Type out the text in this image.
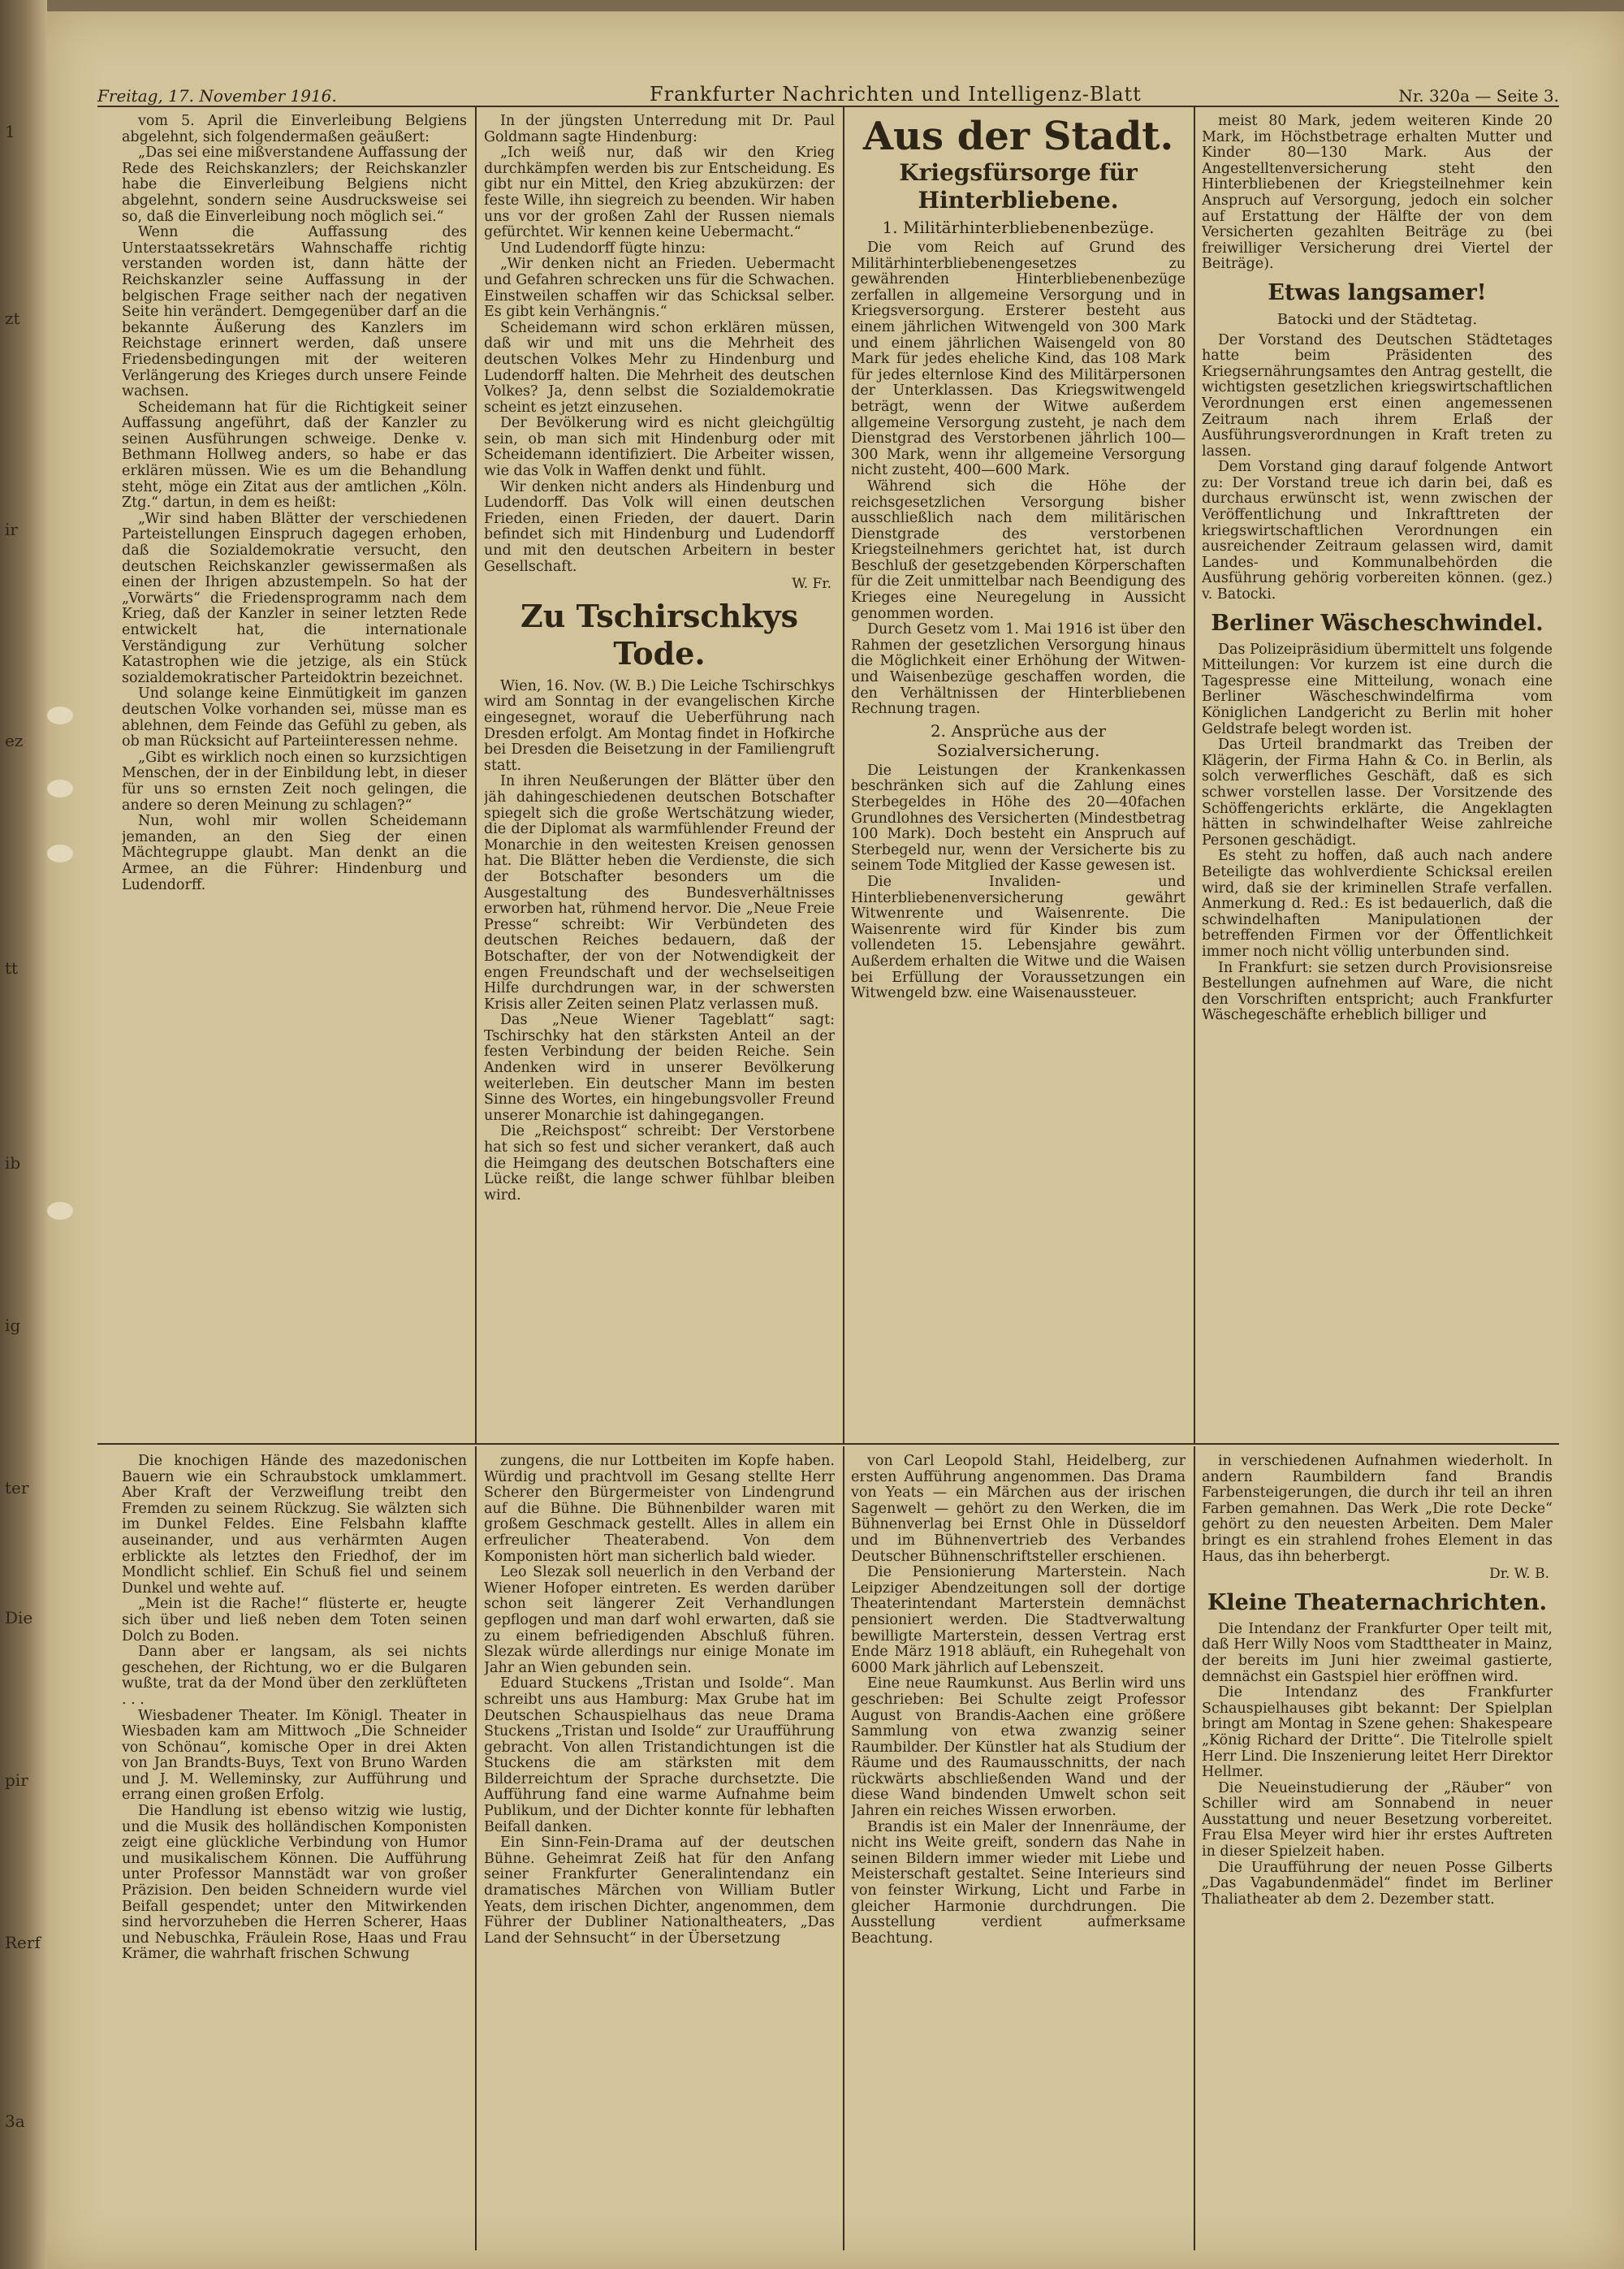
1
zt
ir
ez
tt
ib
ig
ter
Die
pir
Rerf
3a
Freitag, 17. November 1916.	Frankfurter Nachrichten und Intelligenz-Blatt	Nr. 320a — Seite 3.

vom 5. April die Einverleibung Belgiens abgelehnt, sich folgendermaßen geäußert:

„Das sei eine mißverstandene Auffassung der Rede des Reichskanzlers; der Reichskanzler habe die Einverleibung Belgiens nicht abgelehnt, sondern seine Ausdrucksweise sei so, daß die Einverleibung noch möglich sei.“

Wenn die Auffassung des Unterstaatssekretärs Wahnschaffe richtig verstanden worden ist, dann hätte der Reichskanzler seine Auffassung in der belgischen Frage seither nach der negativen Seite hin verändert. Demgegenüber darf an die bekannte Äußerung des Kanzlers im Reichstage erinnert werden, daß unsere Friedensbedingungen mit der weiteren Verlängerung des Krieges durch unsere Feinde wachsen.

Scheidemann hat für die Richtigkeit seiner Auffassung angeführt, daß der Kanzler zu seinen Ausführungen schweige. Denke v. Bethmann Hollweg anders, so habe er das erklären müssen. Wie es um die Behandlung steht, möge ein Zitat aus der amtlichen „Köln. Ztg.“ dartun, in dem es heißt:

„Wir sind haben Blätter der verschiedenen Parteistellungen Einspruch dagegen erhoben, daß die Sozialdemokratie versucht, den deutschen Reichskanzler gewissermaßen als einen der Ihrigen abzustempeln. So hat der „Vorwärts“ die Friedensprogramm nach dem Krieg, daß der Kanzler in seiner letzten Rede entwickelt hat, die internationale Verständigung zur Verhütung solcher Katastrophen wie die jetzige, als ein Stück sozialdemokratischer Parteidoktrin bezeichnet.

Und solange keine Einmütigkeit im ganzen deutschen Volke vorhanden sei, müsse man es ablehnen, dem Feinde das Gefühl zu geben, als ob man Rücksicht auf Parteiinteressen nehme.

„Gibt es wirklich noch einen so kurzsichtigen Menschen, der in der Einbildung lebt, in dieser für uns so ernsten Zeit noch gelingen, die andere so deren Meinung zu schlagen?“

Nun, wohl mir wollen Scheidemann jemanden, an den Sieg der einen Mächtegruppe glaubt. Man denkt an die Armee, an die Führer: Hindenburg und Ludendorff.

In der jüngsten Unterredung mit Dr. Paul Goldmann sagte Hindenburg:

„Ich weiß nur, daß wir den Krieg durchkämpfen werden bis zur Entscheidung. Es gibt nur ein Mittel, den Krieg abzukürzen: der feste Wille, ihn siegreich zu beenden. Wir haben uns vor der großen Zahl der Russen niemals gefürchtet. Wir kennen keine Uebermacht.“

Und Ludendorff fügte hinzu:

„Wir denken nicht an Frieden. Uebermacht und Gefahren schrecken uns für die Schwachen. Einstweilen schaffen wir das Schicksal selber. Es gibt kein Verhängnis.“

Scheidemann wird schon erklären müssen, daß wir und mit uns die Mehrheit des deutschen Volkes Mehr zu Hindenburg und Ludendorff halten. Die Mehrheit des deutschen Volkes? Ja, denn selbst die Sozialdemokratie scheint es jetzt einzusehen.

Der Bevölkerung wird es nicht gleichgültig sein, ob man sich mit Hindenburg oder mit Scheidemann identifiziert. Die Arbeiter wissen, wie das Volk in Waffen denkt und fühlt.

Wir denken nicht anders als Hindenburg und Ludendorff. Das Volk will einen deutschen Frieden, einen Frieden, der dauert. Darin befindet sich mit Hindenburg und Ludendorff und mit den deutschen Arbeitern in bester Gesellschaft.

W. Fr.
Zu Tschirschkys Tode.

Wien, 16. Nov. (W. B.) Die Leiche Tschirschkys wird am Sonntag in der evangelischen Kirche eingesegnet, worauf die Ueberführung nach Dresden erfolgt. Am Montag findet in Hofkirche bei Dresden die Beisetzung in der Familiengruft statt.

In ihren Neußerungen der Blätter über den jäh dahingeschiedenen deutschen Botschafter spiegelt sich die große Wertschätzung wieder, die der Diplomat als warmfühlender Freund der Monarchie in den weitesten Kreisen genossen hat. Die Blätter heben die Verdienste, die sich der Botschafter besonders um die Ausgestaltung des Bundesverhältnisses erworben hat, rühmend hervor. Die „Neue Freie Presse“ schreibt: Wir Verbündeten des deutschen Reiches bedauern, daß der Botschafter, der von der Notwendigkeit der engen Freundschaft und der wechselseitigen Hilfe durchdrungen war, in der schwersten Krisis aller Zeiten seinen Platz verlassen muß.

Das „Neue Wiener Tageblatt“ sagt: Tschirschky hat den stärksten Anteil an der festen Verbindung der beiden Reiche. Sein Andenken wird in unserer Bevölkerung weiterleben. Ein deutscher Mann im besten Sinne des Wortes, ein hingebungsvoller Freund unserer Monarchie ist dahingegangen.

Die „Reichspost“ schreibt: Der Verstorbene hat sich so fest und sicher verankert, daß auch die Heimgang des deutschen Botschafters eine Lücke reißt, die lange schwer fühlbar bleiben wird.

Aus der Stadt.
Kriegsfürsorge für Hinterbliebene.
1. Militärhinterbliebenenbezüge.

Die vom Reich auf Grund des Militärhinterbliebenengesetzes zu gewährenden Hinterbliebenenbezüge zerfallen in allgemeine Versorgung und in Kriegsversorgung. Ersterer besteht aus einem jährlichen Witwengeld von 300 Mark und einem jährlichen Waisengeld von 80 Mark für jedes eheliche Kind, das 108 Mark für jedes elternlose Kind des Militärpersonen der Unterklassen. Das Kriegswitwengeld beträgt, wenn der Witwe außerdem allgemeine Versorgung zusteht, je nach dem Dienstgrad des Verstorbenen jährlich 100—300 Mark, wenn ihr allgemeine Versorgung nicht zusteht, 400—600 Mark.

Während sich die Höhe der reichsgesetzlichen Versorgung bisher ausschließlich nach dem militärischen Dienstgrade des verstorbenen Kriegsteilnehmers gerichtet hat, ist durch Beschluß der gesetzgebenden Körperschaften für die Zeit unmittelbar nach Beendigung des Krieges eine Neuregelung in Aussicht genommen worden.

Durch Gesetz vom 1. Mai 1916 ist über den Rahmen der gesetzlichen Versorgung hinaus die Möglichkeit einer Erhöhung der Witwen- und Waisenbezüge geschaffen worden, die den Verhältnissen der Hinterbliebenen Rechnung tragen.

2. Ansprüche aus der Sozialversicherung.

Die Leistungen der Krankenkassen beschränken sich auf die Zahlung eines Sterbegeldes in Höhe des 20—40fachen Grundlohnes des Versicherten (Mindestbetrag 100 Mark). Doch besteht ein Anspruch auf Sterbegeld nur, wenn der Versicherte bis zu seinem Tode Mitglied der Kasse gewesen ist.

Die Invaliden- und Hinterbliebenenversicherung gewährt Witwenrente und Waisenrente. Die Waisenrente wird für Kinder bis zum vollendeten 15. Lebensjahre gewährt. Außerdem erhalten die Witwe und die Waisen bei Erfüllung der Voraussetzungen ein Witwengeld bzw. eine Waisenaussteuer.

meist 80 Mark, jedem weiteren Kinde 20 Mark, im Höchstbetrage erhalten Mutter und Kinder 80—130 Mark. Aus der Angestelltenversicherung steht den Hinterbliebenen der Kriegsteilnehmer kein Anspruch auf Versorgung, jedoch ein solcher auf Erstattung der Hälfte der von dem Versicherten gezahlten Beiträge zu (bei freiwilliger Versicherung drei Viertel der Beiträge).

Etwas langsamer!
Batocki und der Städtetag.

Der Vorstand des Deutschen Städtetages hatte beim Präsidenten des Kriegsernährungsamtes den Antrag gestellt, die wichtigsten gesetzlichen kriegswirtschaftlichen Verordnungen erst einen angemessenen Zeitraum nach ihrem Erlaß der Ausführungsverordnungen in Kraft treten zu lassen.

Dem Vorstand ging darauf folgende Antwort zu: Der Vorstand treue ich darin bei, daß es durchaus erwünscht ist, wenn zwischen der Veröffentlichung und Inkrafttreten der kriegswirtschaftlichen Verordnungen ein ausreichender Zeitraum gelassen wird, damit Landes- und Kommunalbehörden die Ausführung gehörig vorbereiten können. (gez.) v. Batocki.

Berliner Wäscheschwindel.

Das Polizeipräsidium übermittelt uns folgende Mitteilungen: Vor kurzem ist eine durch die Tagespresse eine Mitteilung, wonach eine Berliner Wäscheschwindelfirma vom Königlichen Landgericht zu Berlin mit hoher Geldstrafe belegt worden ist.

Das Urteil brandmarkt das Treiben der Klägerin, der Firma Hahn & Co. in Berlin, als solch verwerfliches Geschäft, daß es sich schwer vorstellen lasse. Der Vorsitzende des Schöffengerichts erklärte, die Angeklagten hätten in schwindelhafter Weise zahlreiche Personen geschädigt.

Es steht zu hoffen, daß auch nach andere Beteiligte das wohlverdiente Schicksal ereilen wird, daß sie der kriminellen Strafe verfallen. Anmerkung d. Red.: Es ist bedauerlich, daß die schwindelhaften Manipulationen der betreffenden Firmen vor der Öffentlichkeit immer noch nicht völlig unterbunden sind.

In Frankfurt: sie setzen durch Provisionsreise Bestellungen aufnehmen auf Ware, die nicht den Vorschriften entspricht; auch Frankfurter Wäschegeschäfte erheblich billiger und

Die knochigen Hände des mazedonischen Bauern wie ein Schraubstock umklammert. Aber Kraft der Verzweiflung treibt den Fremden zu seinem Rückzug. Sie wälzten sich im Dunkel Feldes. Eine Felsbahn klaffte auseinander, und aus verhärmten Augen erblickte als letztes den Friedhof, der im Mondlicht schlief. Ein Schuß fiel und seinem Dunkel und wehte auf.

„Mein ist die Rache!“ flüsterte er, heugte sich über und ließ neben dem Toten seinen Dolch zu Boden.

Dann aber er langsam, als sei nichts geschehen, der Richtung, wo er die Bulgaren wußte, trat da der Mond über den zerklüfteten . . .

Wiesbadener Theater. Im Königl. Theater in Wiesbaden kam am Mittwoch „Die Schneider von Schönau“, komische Oper in drei Akten von Jan Brandts-Buys, Text von Bruno Warden und J. M. Welleminsky, zur Aufführung und errang einen großen Erfolg.

Die Handlung ist ebenso witzig wie lustig, und die Musik des holländischen Komponisten zeigt eine glückliche Verbindung von Humor und musikalischem Können. Die Aufführung unter Professor Mannstädt war von großer Präzision. Den beiden Schneidern wurde viel Beifall gespendet; unter den Mitwirkenden sind hervorzuheben die Herren Scherer, Haas und Nebuschka, Fräulein Rose, Haas und Frau Krämer, die wahrhaft frischen Schwung

zungens, die nur Lottbeiten im Kopfe haben. Würdig und prachtvoll im Gesang stellte Herr Scherer den Bürgermeister von Lindengrund auf die Bühne. Die Bühnenbilder waren mit großem Geschmack gestellt. Alles in allem ein erfreulicher Theaterabend. Von dem Komponisten hört man sicherlich bald wieder.

Leo Slezak soll neuerlich in den Verband der Wiener Hofoper eintreten. Es werden darüber schon seit längerer Zeit Verhandlungen gepflogen und man darf wohl erwarten, daß sie zu einem befriedigenden Abschluß führen. Slezak würde allerdings nur einige Monate im Jahr an Wien gebunden sein.

Eduard Stuckens „Tristan und Isolde“. Man schreibt uns aus Hamburg: Max Grube hat im Deutschen Schauspielhaus das neue Drama Stuckens „Tristan und Isolde“ zur Uraufführung gebracht. Von allen Tristandichtungen ist die Stuckens die am stärksten mit dem Bilderreichtum der Sprache durchsetzte. Die Aufführung fand eine warme Aufnahme beim Publikum, und der Dichter konnte für lebhaften Beifall danken.

Ein Sinn-Fein-Drama auf der deutschen Bühne. Geheimrat Zeiß hat für den Anfang seiner Frankfurter Generalintendanz ein dramatisches Märchen von William Butler Yeats, dem irischen Dichter, angenommen, dem Führer der Dubliner Nationaltheaters, „Das Land der Sehnsucht“ in der Übersetzung

von Carl Leopold Stahl, Heidelberg, zur ersten Aufführung angenommen. Das Drama von Yeats — ein Märchen aus der irischen Sagenwelt — gehört zu den Werken, die im Bühnenverlag bei Ernst Ohle in Düsseldorf und im Bühnenvertrieb des Verbandes Deutscher Bühnenschriftsteller erschienen.

Die Pensionierung Marterstein. Nach Leipziger Abendzeitungen soll der dortige Theaterintendant Marterstein demnächst pensioniert werden. Die Stadtverwaltung bewilligte Marterstein, dessen Vertrag erst Ende März 1918 abläuft, ein Ruhegehalt von 6000 Mark jährlich auf Lebenszeit.

Eine neue Raumkunst. Aus Berlin wird uns geschrieben: Bei Schulte zeigt Professor August von Brandis-Aachen eine größere Sammlung von etwa zwanzig seiner Raumbilder. Der Künstler hat als Studium der Räume und des Raumausschnitts, der nach rückwärts abschließenden Wand und der diese Wand bindenden Umwelt schon seit Jahren ein reiches Wissen erworben.

Brandis ist ein Maler der Innenräume, der nicht ins Weite greift, sondern das Nahe in seinen Bildern immer wieder mit Liebe und Meisterschaft gestaltet. Seine Interieurs sind von feinster Wirkung, Licht und Farbe in gleicher Harmonie durchdrungen. Die Ausstellung verdient aufmerksame Beachtung.

in verschiedenen Aufnahmen wiederholt. In andern Raumbildern fand Brandis Farbensteigerungen, die durch ihr teil an ihren Farben gemahnen. Das Werk „Die rote Decke“ gehört zu den neuesten Arbeiten. Dem Maler bringt es ein strahlend frohes Element in das Haus, das ihn beherbergt.

Dr. W. B.
Kleine Theaternachrichten.

Die Intendanz der Frankfurter Oper teilt mit, daß Herr Willy Noos vom Stadttheater in Mainz, der bereits im Juni hier zweimal gastierte, demnächst ein Gastspiel hier eröffnen wird.

Die Intendanz des Frankfurter Schauspielhauses gibt bekannt: Der Spielplan bringt am Montag in Szene gehen: Shakespeare „König Richard der Dritte“. Die Titelrolle spielt Herr Lind. Die Inszenierung leitet Herr Direktor Hellmer.

Die Neueinstudierung der „Räuber“ von Schiller wird am Sonnabend in neuer Ausstattung und neuer Besetzung vorbereitet. Frau Elsa Meyer wird hier ihr erstes Auftreten in dieser Spielzeit haben.

Die Uraufführung der neuen Posse Gilberts „Das Vagabundenmädel“ findet im Berliner Thaliatheater ab dem 2. Dezember statt.
